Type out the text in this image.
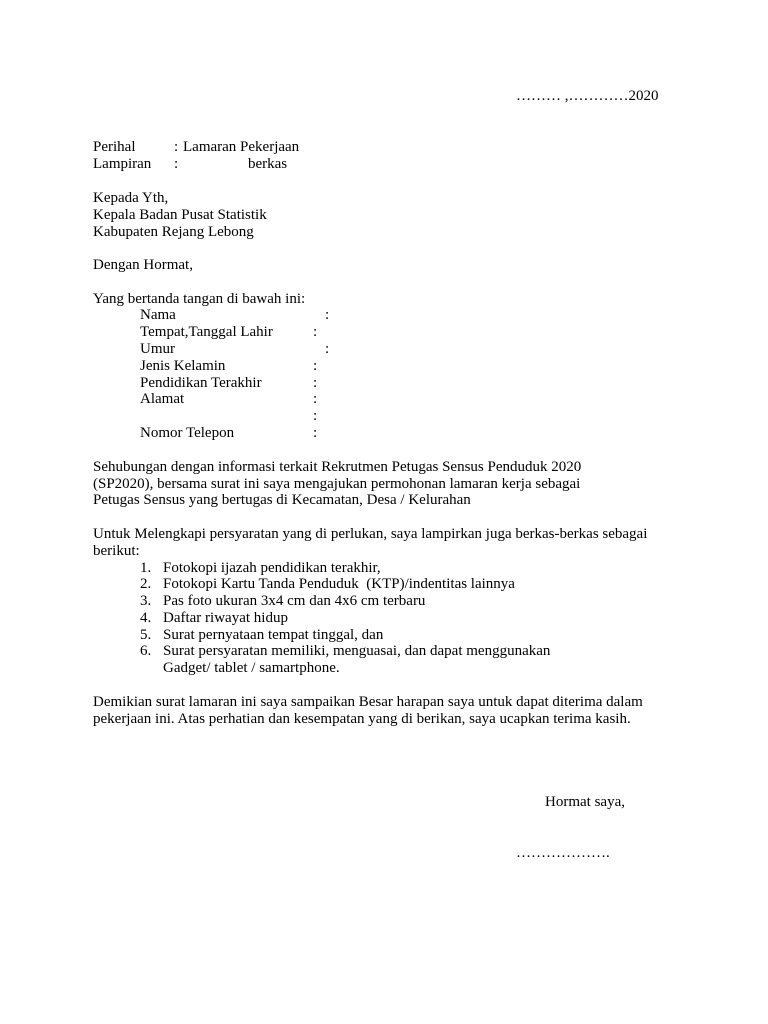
……… ,…………2020
Perihal	: Lamaran Pekerjaan
Lampiran :	berkas
Kepada Yth,
Kepala Badan Pusat Statistik
Kabupaten Rejang Lebong
Dengan Hormat,
Yang bertanda tangan di bawah ini:
Nama	:
Tempat,Tanggal Lahir	:
Umur	:
Jenis Kelamin	:
Pendidikan Terakhir	:
Alamat	:
:
Nomor Telepon	:
Sehubungan dengan informasi terkait Rekrutmen Petugas Sensus Penduduk 2020
(SP2020), bersama surat ini saya mengajukan permohonan lamaran kerja sebagai
Petugas Sensus yang bertugas di Kecamatan, Desa / Kelurahan
Untuk Melengkapi persyaratan yang di perlukan, saya lampirkan juga berkas-berkas sebagai
berikut:
1. Fotokopi ijazah pendidikan terakhir,
2. Fotokopi Kartu Tanda Penduduk  (KTP)/indentitas lainnya
3. Pas foto ukuran 3x4 cm dan 4x6 cm terbaru
4. Daftar riwayat hidup
5. Surat pernyataan tempat tinggal, dan
6. Surat persyaratan memiliki, menguasai, dan dapat menggunakan
Gadget/ tablet / samartphone.
Demikian surat lamaran ini saya sampaikan Besar harapan saya untuk dapat diterima dalam
pekerjaan ini. Atas perhatian dan kesempatan yang di berikan, saya ucapkan terima kasih.
Hormat saya,
……………….
